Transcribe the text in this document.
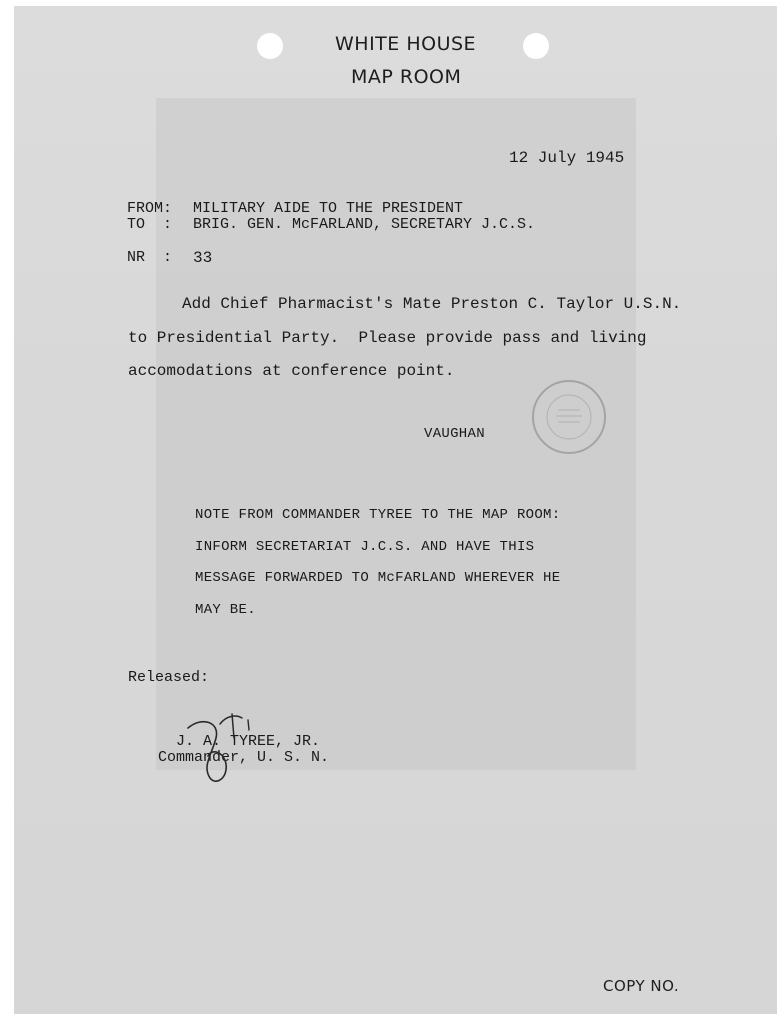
WHITE HOUSE
MAP ROOM
12 July 1945
FROM: MILITARY AIDE TO THE PRESIDENT
TO  : BRIG. GEN. McFARLAND, SECRETARY J.C.S.
NR  : 33
Add Chief Pharmacist's Mate Preston C. Taylor U.S.N.
to Presidential Party.  Please provide pass and living
accomodations at conference point.
VAUGHAN
NOTE FROM COMMANDER TYREE TO THE MAP ROOM:
INFORM SECRETARIAT J.C.S. AND HAVE THIS
MESSAGE FORWARDED TO McFARLAND WHEREVER HE
MAY BE.
Released:
J. A. TYREE, JR.
Commander, U. S. N.
COPY NO.
